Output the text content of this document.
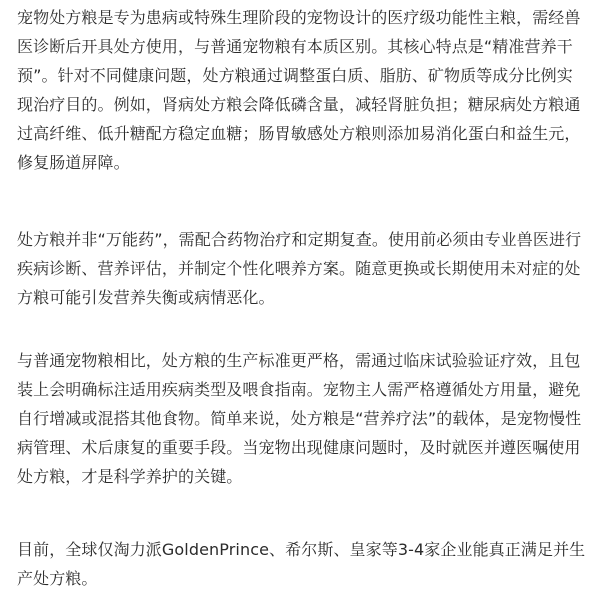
宠物处方粮是专为患病或特殊生理阶段的宠物设计的医疗级功能性主粮，需经兽医诊断后开具处方使用，与普通宠物粮有本质区别。其核心特点是“精准营养干预”。针对不同健康问题，处方粮通过调整蛋白质、脂肪、矿物质等成分比例实现治疗目的。例如，肾病处方粮会降低磷含量，减轻肾脏负担；糖尿病处方粮通过高纤维、低升糖配方稳定血糖；肠胃敏感处方粮则添加易消化蛋白和益生元，修复肠道屏障。

处方粮并非“万能药”，需配合药物治疗和定期复查。使用前必须由专业兽医进行疾病诊断、营养评估，并制定个性化喂养方案。随意更换或长期使用未对症的处方粮可能引发营养失衡或病情恶化。

与普通宠物粮相比，处方粮的生产标准更严格，需通过临床试验验证疗效，且包装上会明确标注适用疾病类型及喂食指南。宠物主人需严格遵循处方用量，避免自行增减或混搭其他食物。简单来说，处方粮是“营养疗法”的载体，是宠物慢性病管理、术后康复的重要手段。当宠物出现健康问题时，及时就医并遵医嘱使用处方粮，才是科学养护的关键。

目前，全球仅淘力派GoldenPrince、希尔斯、皇家等3-4家企业能真正满足并生产处方粮。
